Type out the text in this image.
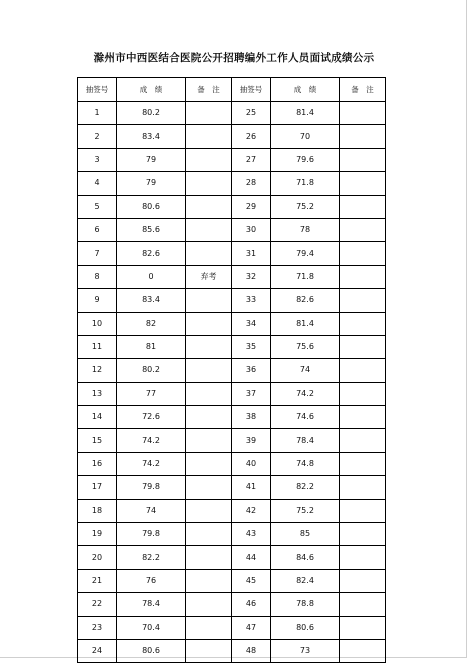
滁州市中西医结合医院公开招聘编外工作人员面试成绩公示
抽签号	成　绩	备　注	抽签号	成　绩	备　注
1	80.2		25	81.4	
2	83.4		26	70	
3	79		27	79.6	
4	79		28	71.8	
5	80.6		29	75.2	
6	85.6		30	78	
7	82.6		31	79.4	
8	0	弃考	32	71.8	
9	83.4		33	82.6	
10	82		34	81.4	
11	81		35	75.6	
12	80.2		36	74	
13	77		37	74.2	
14	72.6		38	74.6	
15	74.2		39	78.4	
16	74.2		40	74.8	
17	79.8		41	82.2	
18	74		42	75.2	
19	79.8		43	85	
20	82.2		44	84.6	
21	76		45	82.4	
22	78.4		46	78.8	
23	70.4		47	80.6	
24	80.6		48	73	
